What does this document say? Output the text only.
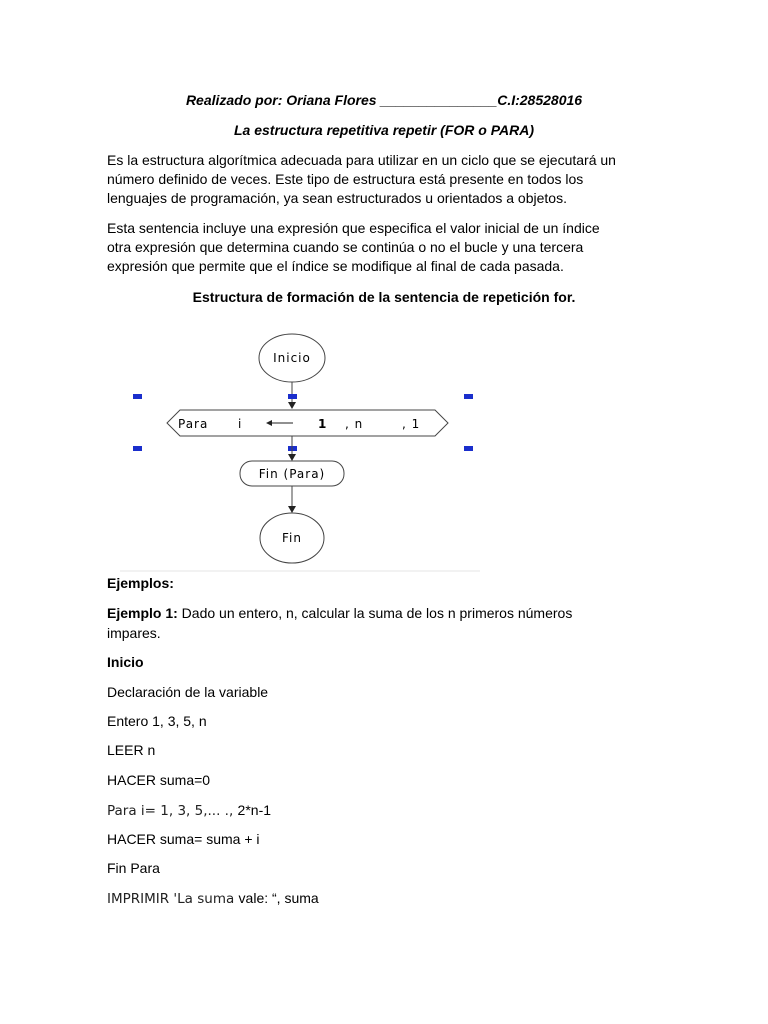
Realizado por: Oriana Flores _______________C.I:28528016
La estructura repetitiva repetir (FOR o PARA)
Es la estructura algorítmica adecuada para utilizar en un ciclo que se ejecutará un
número definido de veces. Este tipo de estructura está presente en todos los
lenguajes de programación, ya sean estructurados u orientados a objetos.
Esta sentencia incluye una expresión que especifica el valor inicial de un índice
otra expresión que determina cuando se continúa o no el bucle y una tercera
expresión que permite que el índice se modifique al final de cada pasada.
Estructura de formación de la sentencia de repetición for.
Inicio
Para i	1 , n	, 1
Fin (Para)
Fin
Ejemplos:
Ejemplo 1: Dado un entero, n, calcular la suma de los n primeros números
impares.
Inicio
Declaración de la variable
Entero 1, 3, 5, n
LEER n
HACER suma=0
Para i= 1, 3, 5,... ., 2*n-1
HACER suma= suma + i
Fin Para
IMPRIMIR 'La suma vale: “, suma
